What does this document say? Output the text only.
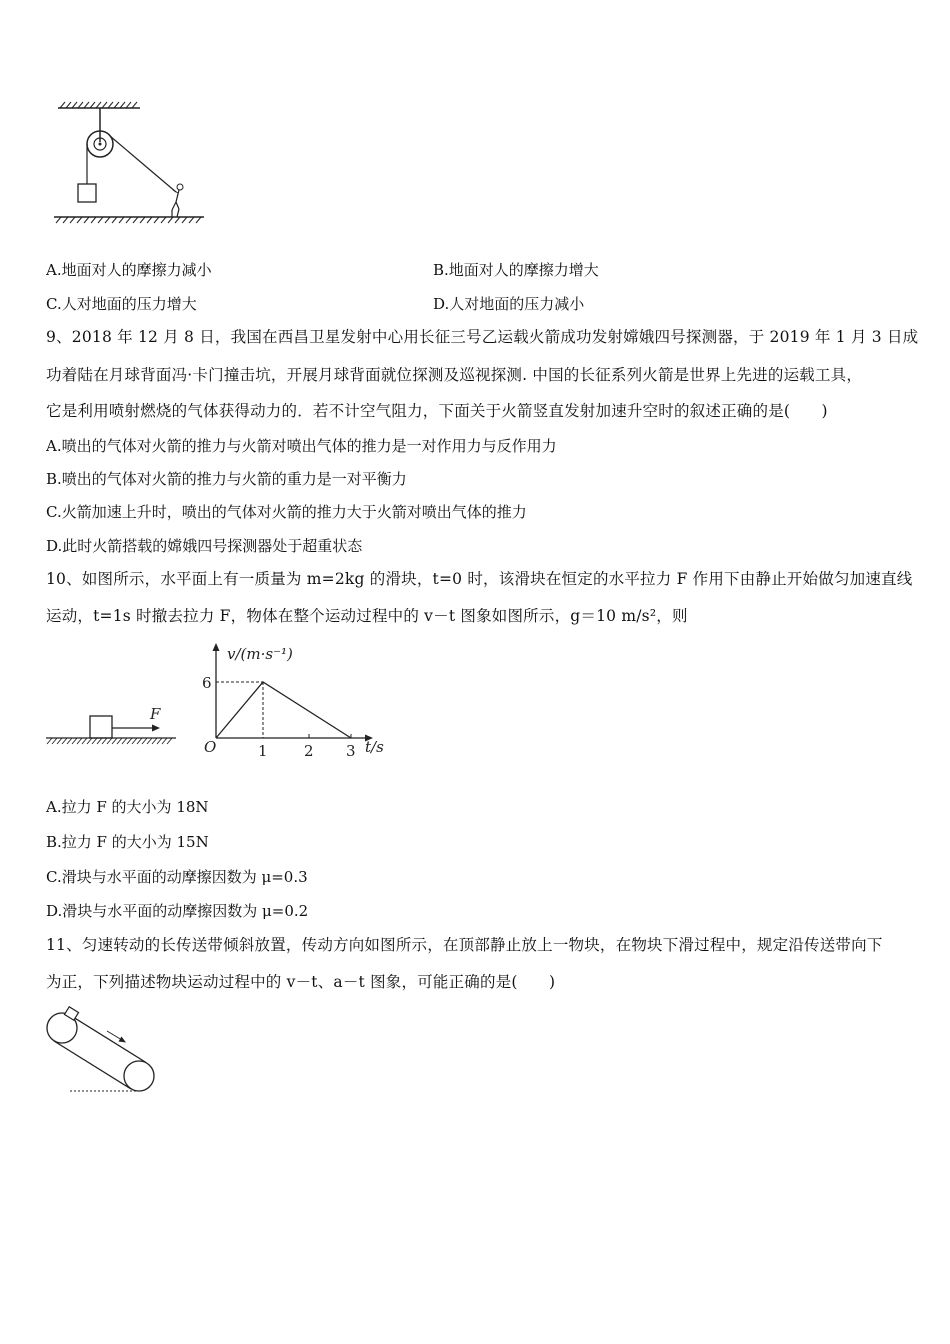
A.地面对人的摩擦力减小	B.地面对人的摩擦力增大
C.人对地面的压力增大	D.人对地面的压力减小
9、2018 年 12 月 8 日，我国在西昌卫星发射中心用长征三号乙运载火箭成功发射嫦娥四号探测器，于 2019 年 1 月 3 日成
功着陆在月球背面冯·卡门撞击坑，开展月球背面就位探测及巡视探测. 中国的长征系列火箭是世界上先进的运载工具，
它是利用喷射燃烧的气体获得动力的．若不计空气阻力，下面关于火箭竖直发射加速升空时的叙述正确的是(　　)
A.喷出的气体对火箭的推力与火箭对喷出气体的推力是一对作用力与反作用力
B.喷出的气体对火箭的推力与火箭的重力是一对平衡力
C.火箭加速上升时，喷出的气体对火箭的推力大于火箭对喷出气体的推力
D.此时火箭搭载的嫦娥四号探测器处于超重状态
10、如图所示，水平面上有一质量为 m=2kg 的滑块，t=0 时，该滑块在恒定的水平拉力 F 作用下由静止开始做匀加速直线
运动，t=1s 时撤去拉力 F，物体在整个运动过程中的 v－t 图象如图所示，g＝10 m/s²，则
F
v/(m·s⁻¹)
6
O	1 2 3 t/s
A.拉力 F 的大小为 18N
B.拉力 F 的大小为 15N
C.滑块与水平面的动摩擦因数为 μ=0.3
D.滑块与水平面的动摩擦因数为 μ=0.2
11、匀速转动的长传送带倾斜放置，传动方向如图所示，在顶部静止放上一物块，在物块下滑过程中，规定沿传送带向下
为正，下列描述物块运动过程中的 v－t、a－t 图象，可能正确的是(　　)
